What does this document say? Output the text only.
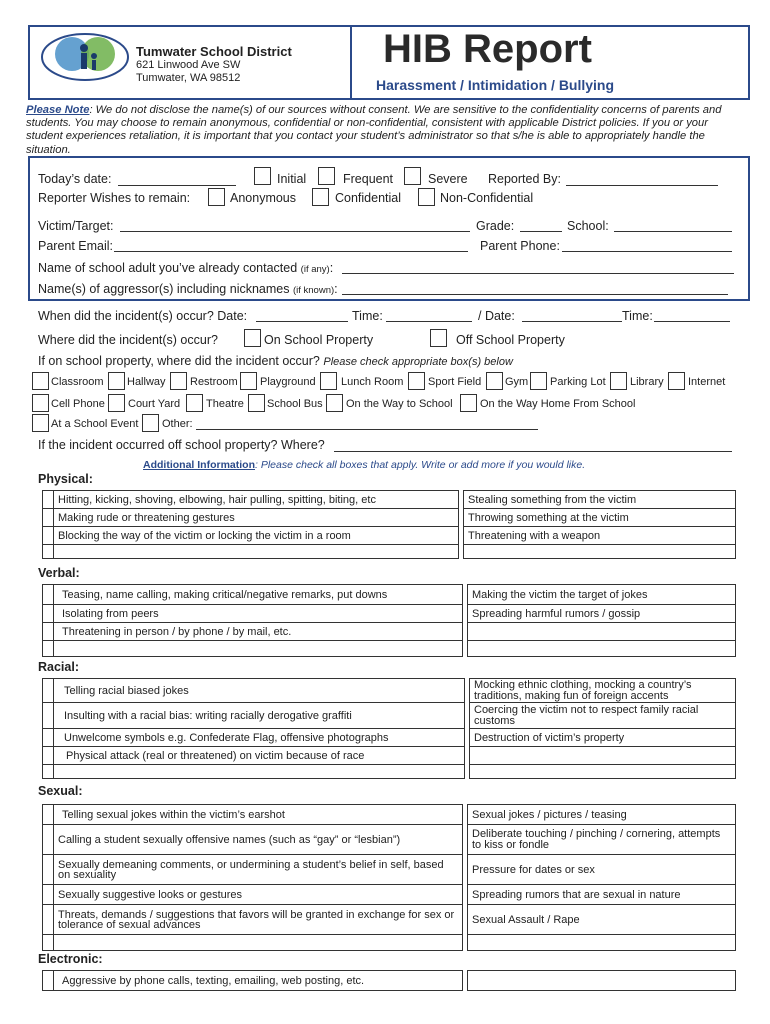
Tumwater School District
621 Linwood Ave SW
Tumwater, WA 98512
HIB Report
Harassment / Intimidation / Bullying
Please Note: We do not disclose the name(s) of our sources without consent. We are sensitive to the confidentiality concerns of parents and
students. You may choose to remain anonymous, confidential or non-confidential, consistent with applicable District policies. If you or your
student experiences retaliation, it is important that you contact your student’s administrator so that s/he is able to appropriately handle the
situation.
Today’s date:	Initial	Frequent	Severe Reported By:
Reporter Wishes to remain:	Anonymous	Confidential	Non-Confidential
Victim/Target:	Grade:	School:
Parent Email:	Parent Phone:
Name of school adult you’ve already contacted (if any):
Name(s) of aggressor(s) including nicknames (if known):
When did the incident(s) occur? Date:	Time:	/ Date:	Time:
Where did the incident(s) occur?	On School Property	Off School Property
If on school property, where did the incident occur? Please check appropriate box(s) below
Classroom Hallway Restroom Playground Lunch Room Sport Field Gym Parking Lot Library Internet
Cell Phone Court Yard Theatre School Bus On the Way to School On the Way Home From School
At a School Event Other:
If the incident occurred off school property? Where?
Additional Information: Please check all boxes that apply. Write or add more if you would like.
Physical:
	Hitting, kicking, shoving, elbowing, hair pulling, spitting, biting, etc		Stealing something from the victim
	Making rude or threatening gestures		Throwing something at the victim
	Blocking the way of the victim or locking the victim in a room		Threatening with a weapon

Verbal:
	Teasing, name calling, making critical/negative remarks, put downs		Making the victim the target of jokes
	Isolating from peers		Spreading harmful rumors / gossip
	Threatening in person / by phone / by mail, etc.		

Racial:
	Telling racial biased jokes		Mocking ethnic clothing, mocking a country’s traditions, making fun of foreign accents
	Insulting with a racial bias: writing racially derogative graffiti		Coercing the victim not to respect family racial customs
	Unwelcome symbols e.g. Confederate Flag, offensive photographs		Destruction of victim’s property
	Physical attack (real or threatened) on victim because of race		

Sexual:
	Telling sexual jokes within the victim’s earshot		Sexual jokes / pictures / teasing
	Calling a student sexually offensive names (such as “gay” or “lesbian”)		Deliberate touching / pinching / cornering, attempts to kiss or fondle
	Sexually demeaning comments, or undermining a student’s belief in self, based on sexuality		Pressure for dates or sex
	Sexually suggestive looks or gestures		Spreading rumors that are sexual in nature
	Threats, demands / suggestions that favors will be granted in exchange for sex or tolerance of sexual advances		Sexual Assault / Rape

Electronic:
	Aggressive by phone calls, texting, emailing, web posting, etc.		
